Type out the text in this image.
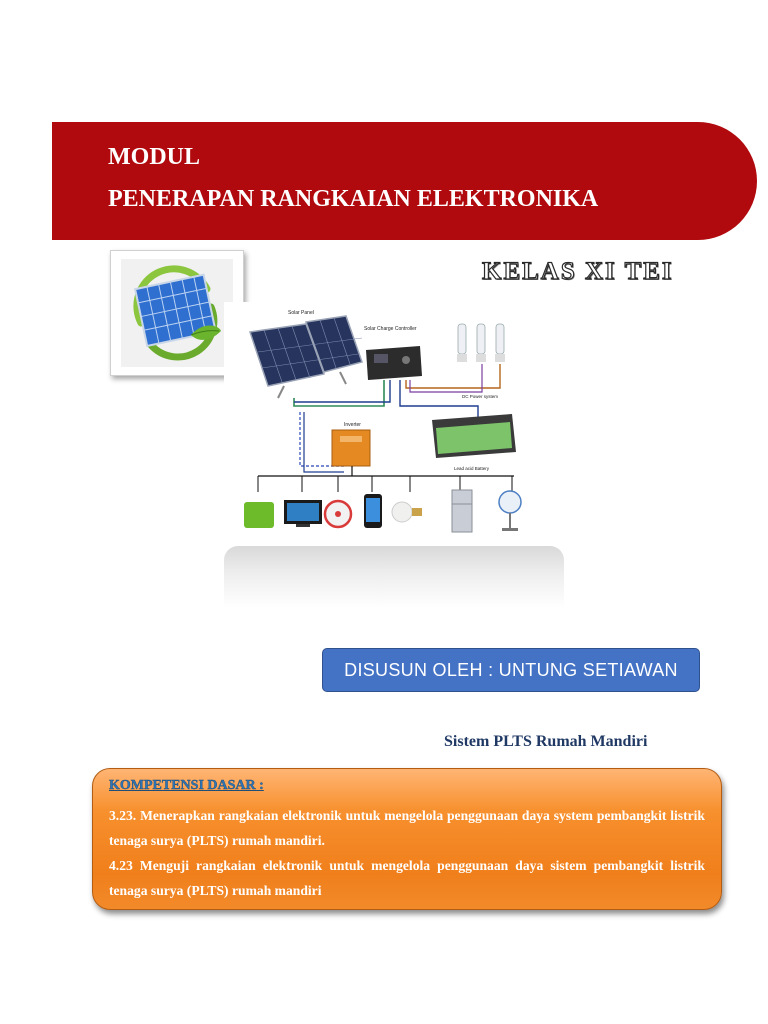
MODUL
PENERAPAN RANGKAIAN ELEKTRONIKA
KELAS XI TEI
Solar Panel
Solar Charge Controller
DC Power system
Inverter
Lead acid Battery
DISUSUN OLEH : UNTUNG SETIAWAN
Sistem PLTS Rumah Mandiri
KOMPETENSI DASAR :

3.23. Menerapkan rangkaian elektronik untuk mengelola penggunaan daya system pembangkit listrik tenaga surya (PLTS) rumah mandiri.

4.23 Menguji rangkaian elektronik untuk mengelola penggunaan daya sistem pembangkit listrik tenaga surya (PLTS) rumah mandiri
